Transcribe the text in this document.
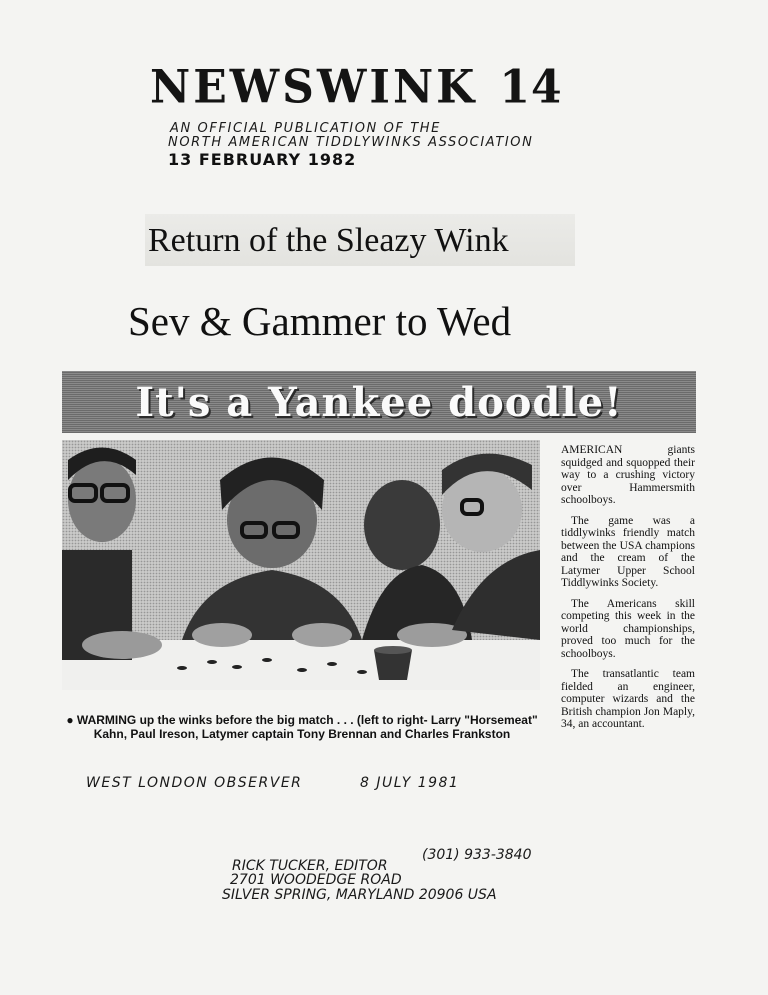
NEWSWINK 14
AN OFFICIAL PUBLICATION OF THE
NORTH AMERICAN TIDDLYWINKS ASSOCIATION
13 FEBRUARY 1982
Return of the Sleazy Wink
Sev & Gammer to Wed
It's a Yankee doodle!
● WARMING up the winks before the big match . . . (left to right- Larry "Horsemeat" Kahn, Paul Ireson, Latymer captain Tony Brennan and Charles Frankston

AMERICAN giants squidged and squopped their way to a crushing victory over Hammersmith schoolboys.

The game was a tiddlywinks friendly match between the USA champions and the cream of the Latymer Upper School Tiddlywinks Society.

The Americans skill competing this week in the world championships, proved too much for the schoolboys.

The transatlantic team fielded an engineer, computer wizards and the British champion Jon Maply, 34, an accountant.

WEST LONDON OBSERVER	8 JULY 1981
(301) 933-3840
RICK TUCKER, EDITOR
2701 WOODEDGE ROAD
SILVER SPRING, MARYLAND 20906 USA
